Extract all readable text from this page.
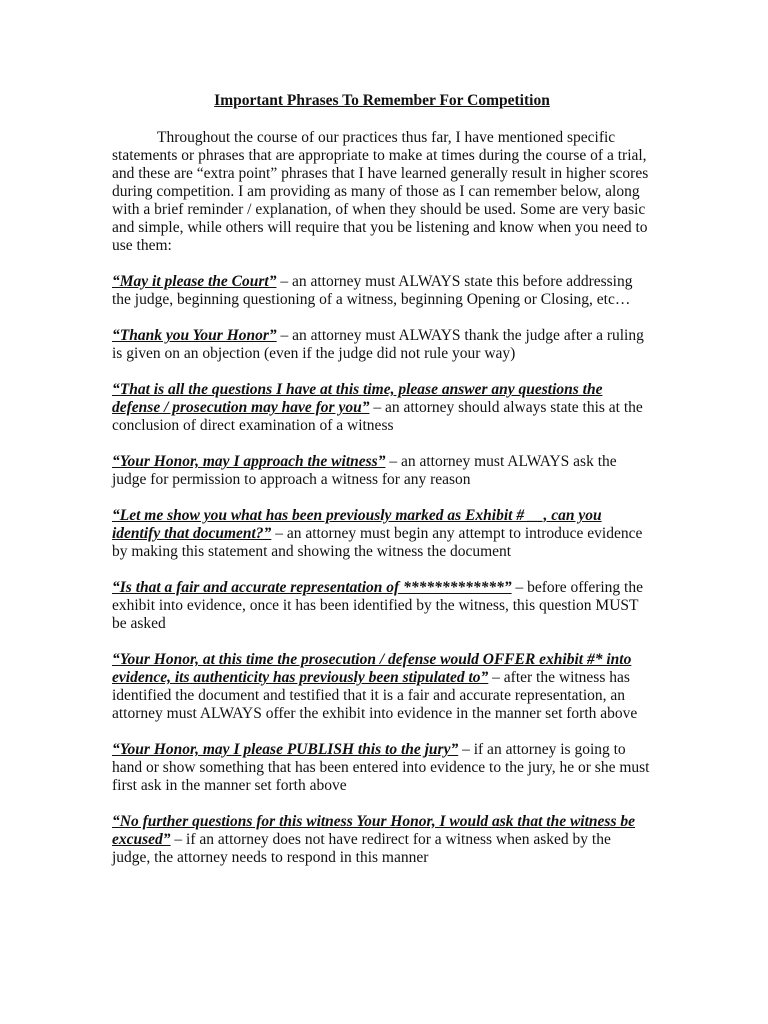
Important Phrases To Remember For Competition

Throughout the course of our practices thus far, I have mentioned specific statements or phrases that are appropriate to make at times during the course of a trial, and these are “extra point” phrases that I have learned generally result in higher scores during competition. I am providing as many of those as I can remember below, along with a brief reminder / explanation, of when they should be used. Some are very basic and simple, while others will require that you be listening and know when you need to use them:

“May it please the Court” – an attorney must ALWAYS state this before addressing the judge, beginning questioning of a witness, beginning Opening or Closing, etc…

“Thank you Your Honor” – an attorney must ALWAYS thank the judge after a ruling is given on an objection (even if the judge did not rule your way)

“That is all the questions I have at this time, please answer any questions the defense / prosecution may have for you” – an attorney should always state this at the conclusion of direct examination of a witness

“Your Honor, may I approach the witness” – an attorney must ALWAYS ask the judge for permission to approach a witness for any reason

“Let me show you what has been previously marked as Exhibit # __, can you identify that document?” – an attorney must begin any attempt to introduce evidence by making this statement and showing the witness the document

“Is that a fair and accurate representation of *************” – before offering the exhibit into evidence, once it has been identified by the witness, this question MUST be asked

“Your Honor, at this time the prosecution / defense would OFFER exhibit #* into evidence, its authenticity has previously been stipulated to” – after the witness has identified the document and testified that it is a fair and accurate representation, an attorney must ALWAYS offer the exhibit into evidence in the manner set forth above

“Your Honor, may I please PUBLISH this to the jury” – if an attorney is going to hand or show something that has been entered into evidence to the jury, he or she must first ask in the manner set forth above

“No further questions for this witness Your Honor, I would ask that the witness be excused” – if an attorney does not have redirect for a witness when asked by the judge, the attorney needs to respond in this manner
